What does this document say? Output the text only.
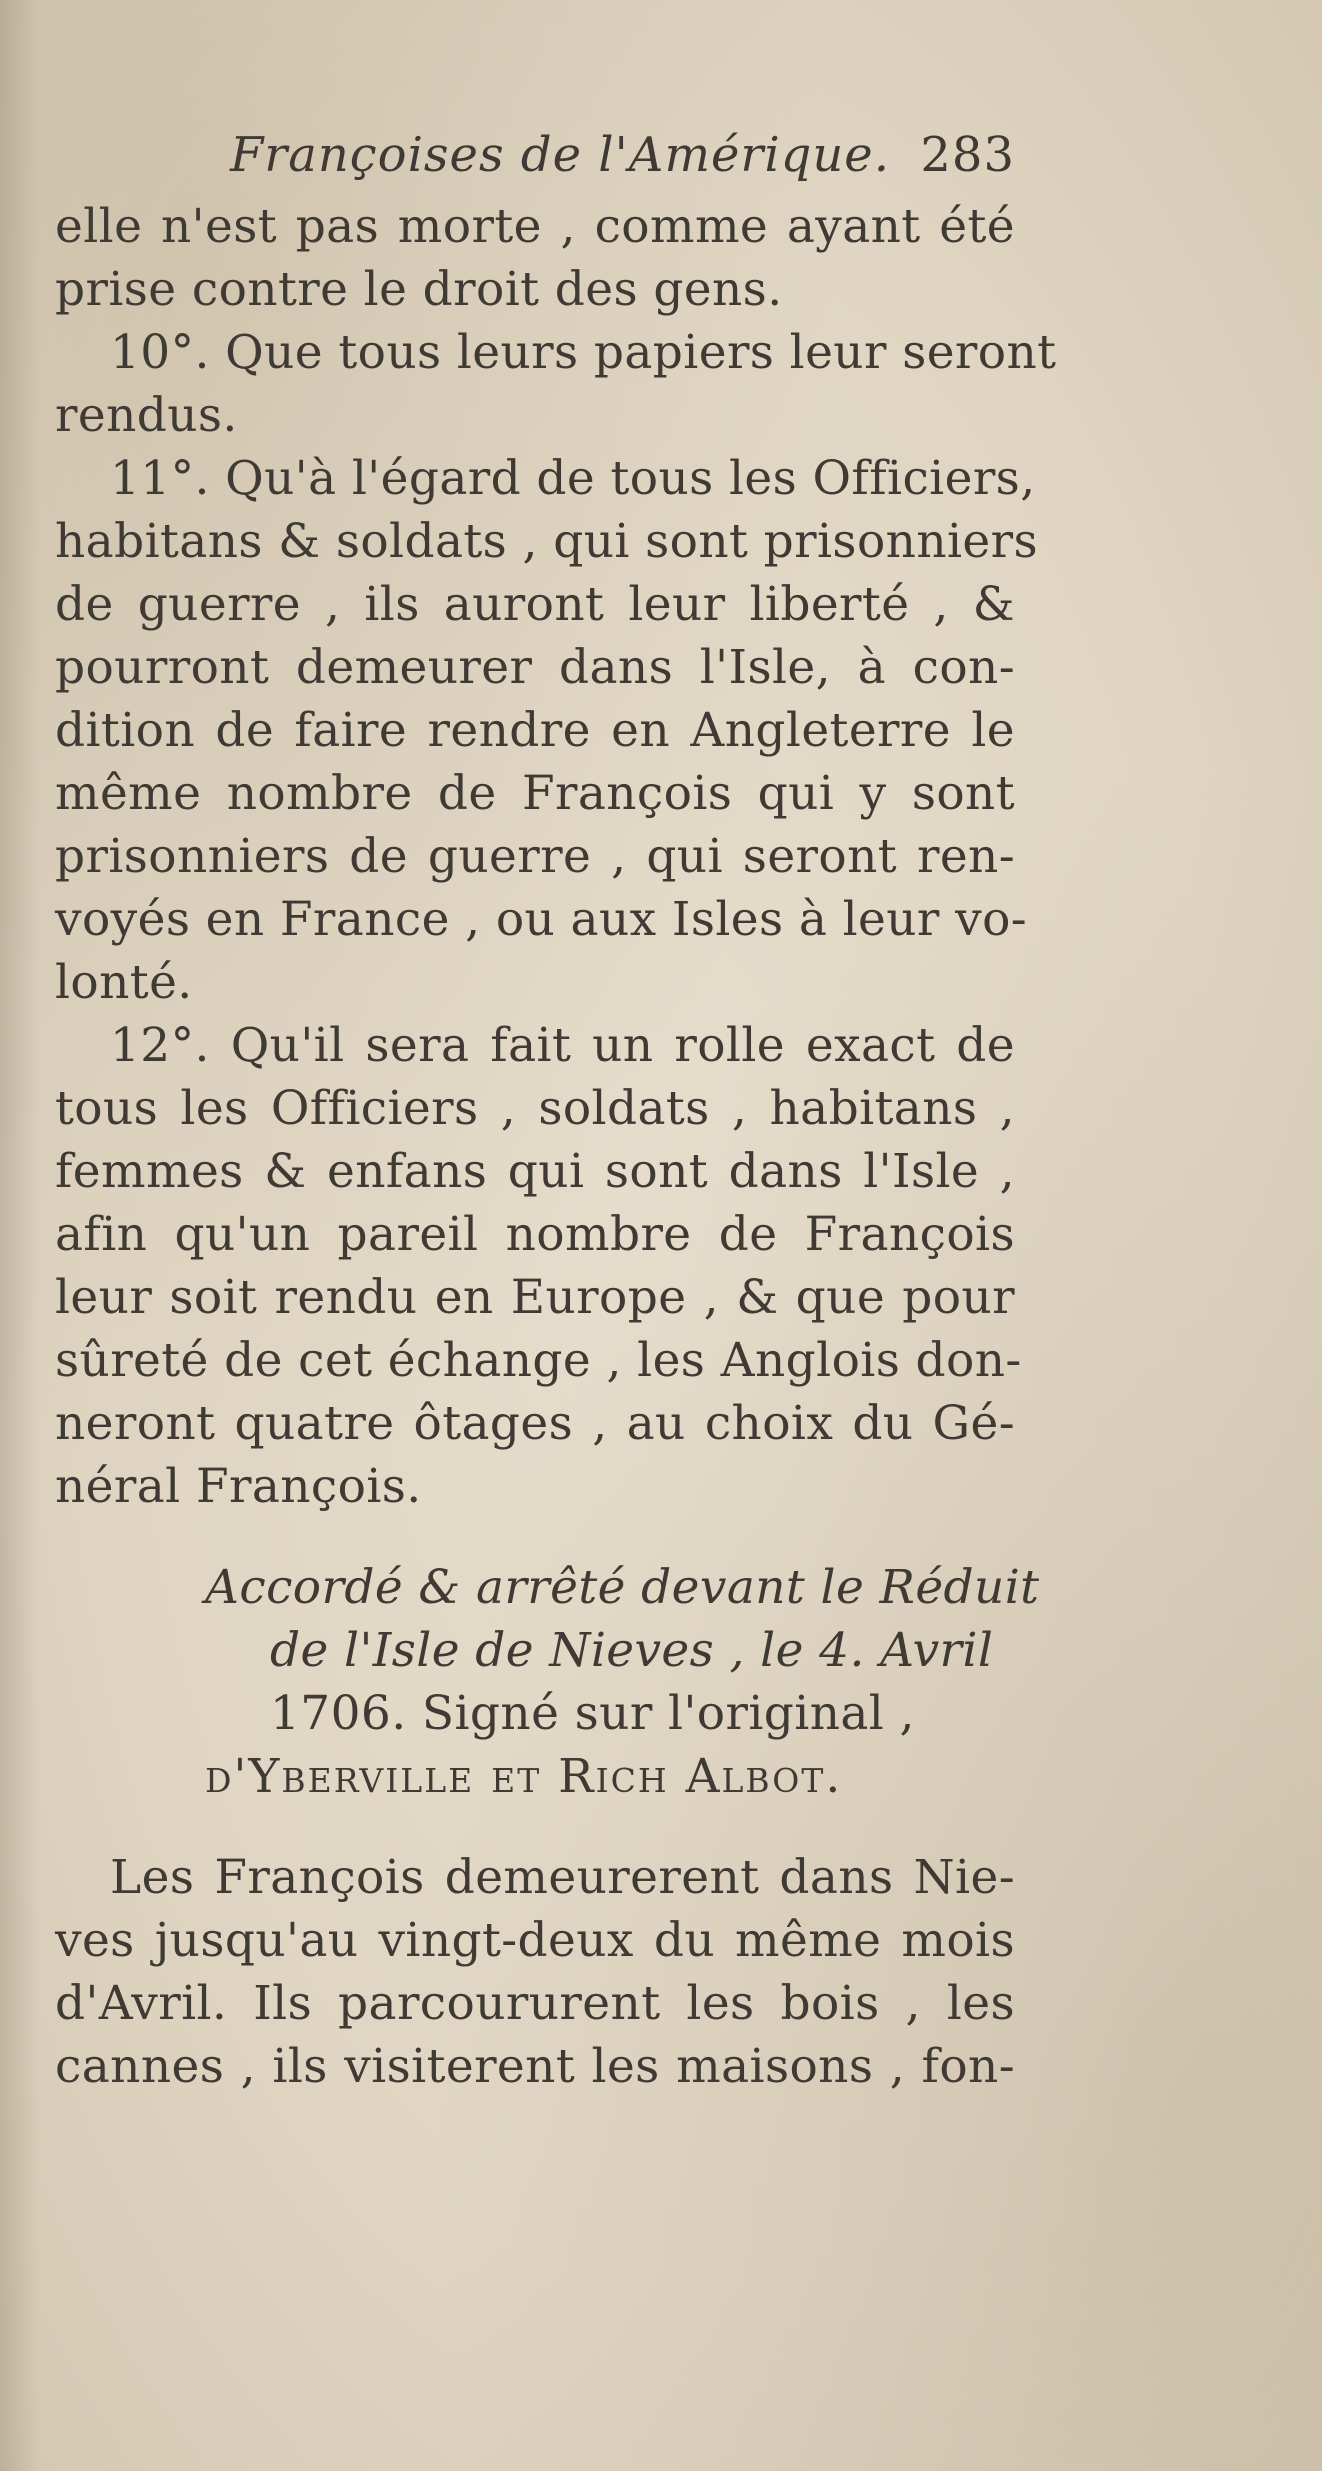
Françoises de l'Amérique. 283
elle n'est pas morte , comme ayant été
prise contre le droit des gens.
10°. Que tous leurs papiers leur seront
rendus.
11°. Qu'à l'égard de tous les Officiers,
habitans & soldats , qui sont prisonniers
de guerre , ils auront leur liberté , &
pourront demeurer dans l'Isle, à con-
dition de faire rendre en Angleterre le
même nombre de François qui y sont
prisonniers de guerre , qui seront ren-
voyés en France , ou aux Isles à leur vo-
lonté.
12°. Qu'il sera fait un rolle exact de
tous les Officiers , soldats , habitans ,
femmes & enfans qui sont dans l'Isle ,
afin qu'un pareil nombre de François
leur soit rendu en Europe , & que pour
sûreté de cet échange , les Anglois don-
neront quatre ôtages , au choix du Gé-
néral François.
Accordé & arrêté devant le Réduit
de l'Isle de Nieves , le 4. Avril
1706. Signé sur l'original ,
d'Yberville et Rich Albot.
Les François demeurerent dans Nie-
ves jusqu'au vingt-deux du même mois
d'Avril. Ils parcoururent les bois , les
cannes , ils visiterent les maisons , fon-
